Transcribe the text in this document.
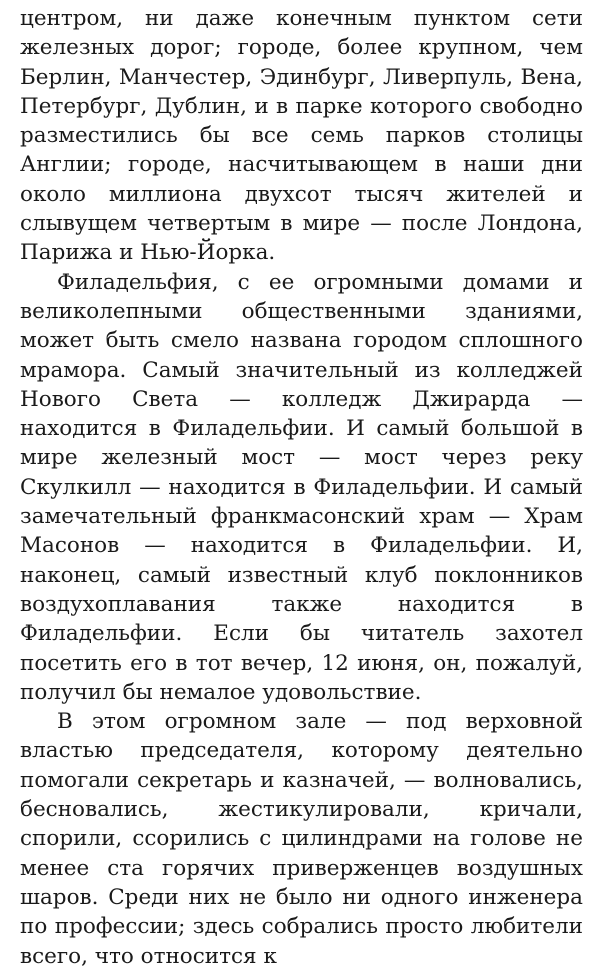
центром, ни даже конечным пунктом сети железных дорог; городе, более крупном, чем Берлин, Манчестер, Эдинбург, Ливерпуль, Вена, Петербург, Дублин, и в парке которого свободно разместились бы все семь парков столицы Англии; городе, насчитывающем в наши дни около миллиона двухсот тысяч жителей и слывущем четвертым в мире — после Лондона, Парижа и Нью-Йорка.

Филадельфия, с ее огромными домами и великолепными общественными зданиями, может быть смело названа городом сплошного мрамора. Самый значительный из колледжей Нового Света — колледж Джирарда — находится в Филадельфии. И самый большой в мире железный мост — мост через реку Скулкилл — находится в Филадельфии. И самый замечательный франкмасонский храм — Храм Масонов — находится в Филадельфии. И, наконец, самый известный клуб поклонников воздухоплавания также находится в Филадельфии. Если бы читатель захотел посетить его в тот вечер, 12 июня, он, пожалуй, получил бы немалое удовольствие.

В этом огромном зале — под верховной властью председателя, которому деятельно помогали секретарь и казначей, — волновались, бесновались, жестикулировали, кричали, спорили, ссорились с цилиндрами на голове не менее ста горячих приверженцев воздушных шаров. Среди них не было ни одного инженера по профессии; здесь собрались просто любители всего, что относится к
